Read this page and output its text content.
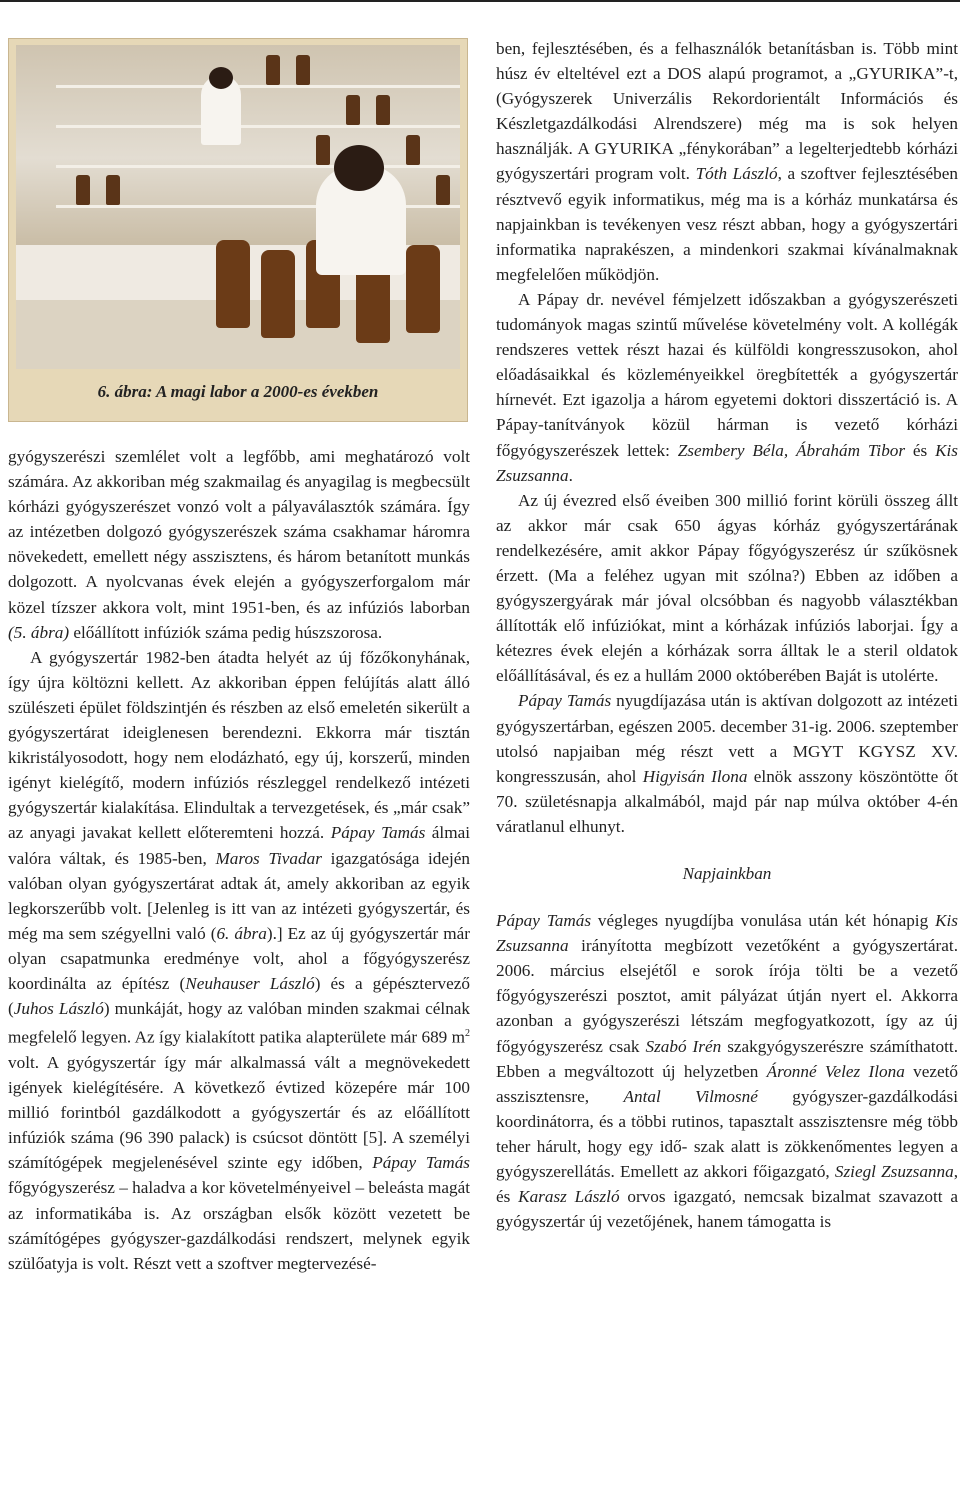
6. ábra: A magi labor a 2000-es években

gyógyszerészi szemlélet volt a legfőbb, ami meghatározó volt számára. Az akkoriban még szakmailag és anyagilag is megbecsült kórházi gyógyszerészet vonzó volt a pályaválasztók számára. Így az intézetben dolgozó gyógyszerészek száma csakhamar háromra növekedett, emellett négy asszisztens, és három betanított munkás dolgozott. A nyolcvanas évek elején a gyógyszerforgalom már közel tízszer akkora volt, mint 1951-ben, és az infúziós laborban (5. ábra) előállított infúziók száma pedig húszszorosa.

A gyógyszertár 1982-ben átadta helyét az új főzőkonyhának, így újra költözni kellett. Az akkoriban éppen felújítás alatt álló szülészeti épület földszintjén és részben az első emeletén sikerült a gyógyszertárat ideiglenesen berendezni. Ekkorra már tisztán kikristályosodott, hogy nem elodázható, egy új, korszerű, minden igényt kielégítő, modern infúziós részleggel rendelkező intézeti gyógyszertár kialakítása. Elindultak a tervezgetések, és „már csak” az anyagi javakat kellett előteremteni hozzá. Pápay Tamás álmai valóra váltak, és 1985-ben, Maros Tivadar igazgatósága idején valóban olyan gyógyszertárat adtak át, amely akkoriban az egyik legkorszerűbb volt. [Jelenleg is itt van az intézeti gyógyszertár, és még ma sem szégyellni való (6. ábra).] Ez az új gyógyszertár már olyan csapatmunka eredménye volt, ahol a főgyógyszerész koordinálta az építész (Neuhauser László) és a gépésztervező (Juhos László) munkáját, hogy az valóban minden szakmai célnak megfelelő legyen. Az így kialakított patika alapterülete már 689 $m^2$ volt. A gyógyszertár így már alkalmassá vált a megnövekedett igények kielégítésére. A következő évtized közepére már 100 millió forintból gazdálkodott a gyógyszertár és az előállított infúziók száma (96 390 palack) is csúcsot döntött [5]. A személyi számítógépek megjelenésével szinte egy időben, Pápay Tamás főgyógyszerész – haladva a kor követelményeivel – beleásta magát az informatikába is. Az országban elsők között vezetett be számítógépes gyógyszer-gazdálkodási rendszert, melynek egyik szülőatyja is volt. Részt vett a szoftver megtervezésé-

ben, fejlesztésében, és a felhasználók betanításban is. Több mint húsz év elteltével ezt a DOS alapú programot, a „GYURIKA”-t, (Gyógyszerek Univerzális Rekordorientált Információs és Készletgazdálkodási Alrendszere) még ma is sok helyen használják. A GYURIKA „fénykorában” a legelterjedtebb kórházi gyógyszertári program volt. Tóth László, a szoftver fejlesztésében résztvevő egyik informatikus, még ma is a kórház munkatársa és napjainkban is tevékenyen vesz részt abban, hogy a gyógyszertári informatika naprakészen, a mindenkori szakmai kívánalmaknak megfelelően működjön.

A Pápay dr. nevével fémjelzett időszakban a gyógyszerészeti tudományok magas szintű művelése követelmény volt. A kollégák rendszeres vettek részt hazai és külföldi kongresszusokon, ahol előadásaikkal és közleményeikkel öregbítették a gyógyszertár hírnevét. Ezt igazolja a három egyetemi doktori disszertáció is. A Pápay-tanítványok közül hárman is vezető kórházi főgyógyszerészek lettek: Zsembery Béla, Ábrahám Tibor és Kis Zsuzsanna.

Az új évezred első éveiben 300 millió forint körüli összeg állt az akkor már csak 650 ágyas kórház gyógyszertárának rendelkezésére, amit akkor Pápay főgyógyszerész úr szűkösnek érzett. (Ma a feléhez ugyan mit szólna?) Ebben az időben a gyógyszergyárak már jóval olcsóbban és nagyobb választékban állították elő infúziókat, mint a kórházak infúziós laborjai. Így a kétezres évek elején a kórházak sorra álltak le a steril oldatok előállításával, és ez a hullám 2000 októberében Baját is utolérte.

Pápay Tamás nyugdíjazása után is aktívan dolgozott az intézeti gyógyszertárban, egészen 2005. december 31-ig. 2006. szeptember utolsó napjaiban még részt vett a MGYT KGYSZ XV. kongresszusán, ahol Higyisán Ilona elnök asszony köszöntötte őt 70. születésnapja alkalmából, majd pár nap múlva október 4-én váratlanul elhunyt.

Napjainkban

Pápay Tamás végleges nyugdíjba vonulása után két hónapig Kis Zsuzsanna irányította megbízott vezetőként a gyógyszertárat. 2006. március elsejétől e sorok írója tölti be a vezető főgyógyszerészi posztot, amit pályázat útján nyert el. Akkorra azonban a gyógyszerészi létszám megfogyatkozott, így az új főgyógyszerész csak Szabó Irén szakgyógyszerészre számíthatott. Ebben a megváltozott új helyzetben Áronné Velez Ilona vezető asszisztensre, Antal Vilmosné gyógyszer-gazdálkodási koordinátorra, és a többi rutinos, tapasztalt asszisztensre még több teher hárult, hogy egy idő- szak alatt is zökkenőmentes legyen a gyógyszerellátás. Emellett az akkori főigazgató, Sziegl Zsuzsanna, és Karasz László orvos igazgató, nemcsak bizalmat szavazott a gyógyszertár új vezetőjének, hanem támogatta is
